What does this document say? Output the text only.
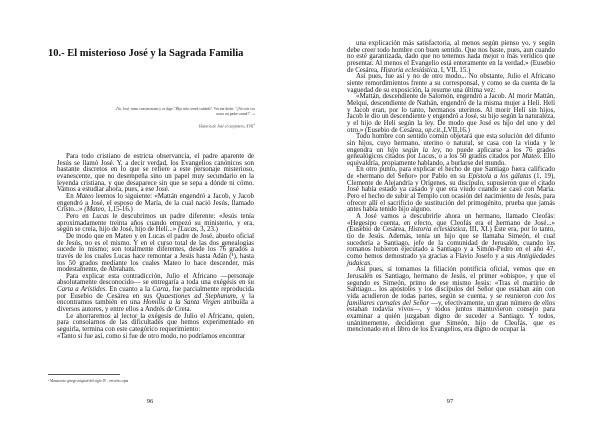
10.- El misterioso José y la Sagrada Familia
«Yo, José, tomo vuestra mano y os digo: "Hijo mío, tened cuidado". Vos me dicho: "¿No sois vos acaso mi padre carnal?"...»
Historia de José el carpintero, XVII$^1$

Para todo cristiano de estricta observancia, el padre aparente de Jesús se llamó José. Y, a decir verdad, los Evangelios canónicos son bastante discretos en lo que se refiere a este personaje misterioso, evanescente, que no desempeña sino un papel muy secundario en la leyenda cristiana, y que desaparece sin que se sepa a dónde ni cómo. Vamos a estudiar ahora, pues, a ese José.

En Mateo leemos lo siguiente: «Mattán engendró a Jacob, y Jacob engendró a José, el esposo de María, de la cual nació Jesús, llamado Cristo...» (Mateo, 1,15-16.)

Pero en Lucas le descubrimos un padre diferente: «Jesús tenía aproximadamente treinta años cuando empezó su ministerio, y era, según se creía, hijo de José, hijo de Helí...» (Lucas, 3, 23.)

De modo que en Mateo y en Lucas el padre de José, abuelo oficial de Jesús, no es el mismo. Y en el curso total de las dos genealogías sucede lo mismo; son totalmente diferentes, desde los 76 grados a través de los cuales Lucas hace remontar a Jesús hasta Adán (¹), hasta los 50 grados mediante los cuales Mateo lo hace descender, más modestamente, de Abraham.

Para explicar esta contradicción, Julio el Africano —personaje absolutamente desconocido— se entregaría a toda una exégesis en su Carta a Arístides. En cuanto a la Carta, fue parcialmente reproducida por Eusebio de Cesárea en sus Quaestiones ad Stephanum, y la encontramos también en una Homilía a la Santa Virgen atribuida a diversos autores, y entre ellos a Andrés de Creta.

Le ahorraremos al lector la exégesis de Julio el Africano, quien, para consolarnos de las dificultades que hemos experimentado en seguirla, termina con este categórico requerimiento:

«Tanto si fue así, como si fue de otro modo, no podríamos encontrar

¹ Manuscrito griego original del siglo IV , versión copta
96

una explicación más satisfactoria, al menos según pienso yo, y según debe creer todo hombre con buen sentido. Que nos baste, pues, aun cuando no esté garantizada, dado que no tenemos nada mejor o más verídico que presentar. Al menos el Evangelio está enteramente en la verdad.» (Eusebio de Cesárea, Historia eclesiástica, I, VII, 15.)

Así pues, fue así y no de otro modo... No obstante, Julio el Africano siente remordimientos frente a su corresponsal, y como se da cuenta de la vaguedad de su exposición, la resume una última vez:

«Mattán, descendiente de Salomón, engendró a Jacob. Al morir Mattán, Melquí, descendiente de Nathán, engendró de la misma mujer a Helí. Helí y Jacob eran, por lo tanto, hermanos uterinos. Al morir Helí sin hijos, Jacob le dio un descendiente y engendró a José, su hijo según la naturaleza, y el hijo de Helí según la ley. De modo que José es hijo del uno y del otro.» (Eusebio de Cesárea, op.cit.,I,VII,16.)

Todo hombre con sentido común objetará que esta solución del difunto sin hijos, cuyo hermano, uterino o natural, se casa con la viuda y le engendra un hijo según la ley, no puede aplicarse a los 76 grados genealógicos citados por Lucas, o a los 50 grados citados por Mateo. Ello equivaldría, propiamente hablando, a burlarse del mundo.

En otro punto, para explicar el hecho de que Santiago fuera calificado de «hermano del Señor» por Pablo en su Epístola a los gálatas (1, 19), Clemente de Alejandría y Orígenes, su discípulo, supusieron que el citado José había estado ya casado y que era viudo cuando se casó con María. Pero el hecho de subir al Templo con ocasión del nacimiento de Jesús, para ofrecer allí el sacrificio de sustitución del primogénito, prueba que jamás antes había tenido hijo alguno.

A José vamos a descubrirle ahora un hermano, llamado Cleofás: «Hegesipo cuenta, en efecto, que Cleofás era el hermano de José...» (Eusebio de Cesárea, Historia eclesiástica, III, XI.) Éste era, por lo tanto, tío de Jesús. Además, tenía un hijo que se llamaba Simeón, el cual sucedería a Santiago, jefe de la comunidad de Jerusalén, cuando los romanos hubieron ejecutado a Santiago y a Simón-Pedro en el año 47, como hemos demostrado ya gracias a Flavio Josefo y a sus Antigüedades judaicas.

Así pues, si tomamos la filiación pontificia oficial, vemos que en Jerusalén es Santiago, hermano de Jesús, el primer «obispo», y que el segundo es Simeón, primo de ese mismo Jesús: «Tras el martirio de Santiago... los apóstoles y los discípulos del Señor que estaban aún con vida acudieron de todas partes, según se cuenta, y se reunieron con los familiares carnales del Señor —y, efectivamente, un gran número de ellos estaban todavía vivos—, y todos juntos mantuvieron consejo para examinar a quién juzgaban digno de suceder a Santiago. Y todos, unánimemente, decidieron que Simeón, hijo de Cleofás, que es mencionado en el libro de los Evangelios, era digno de ocupar la

97
